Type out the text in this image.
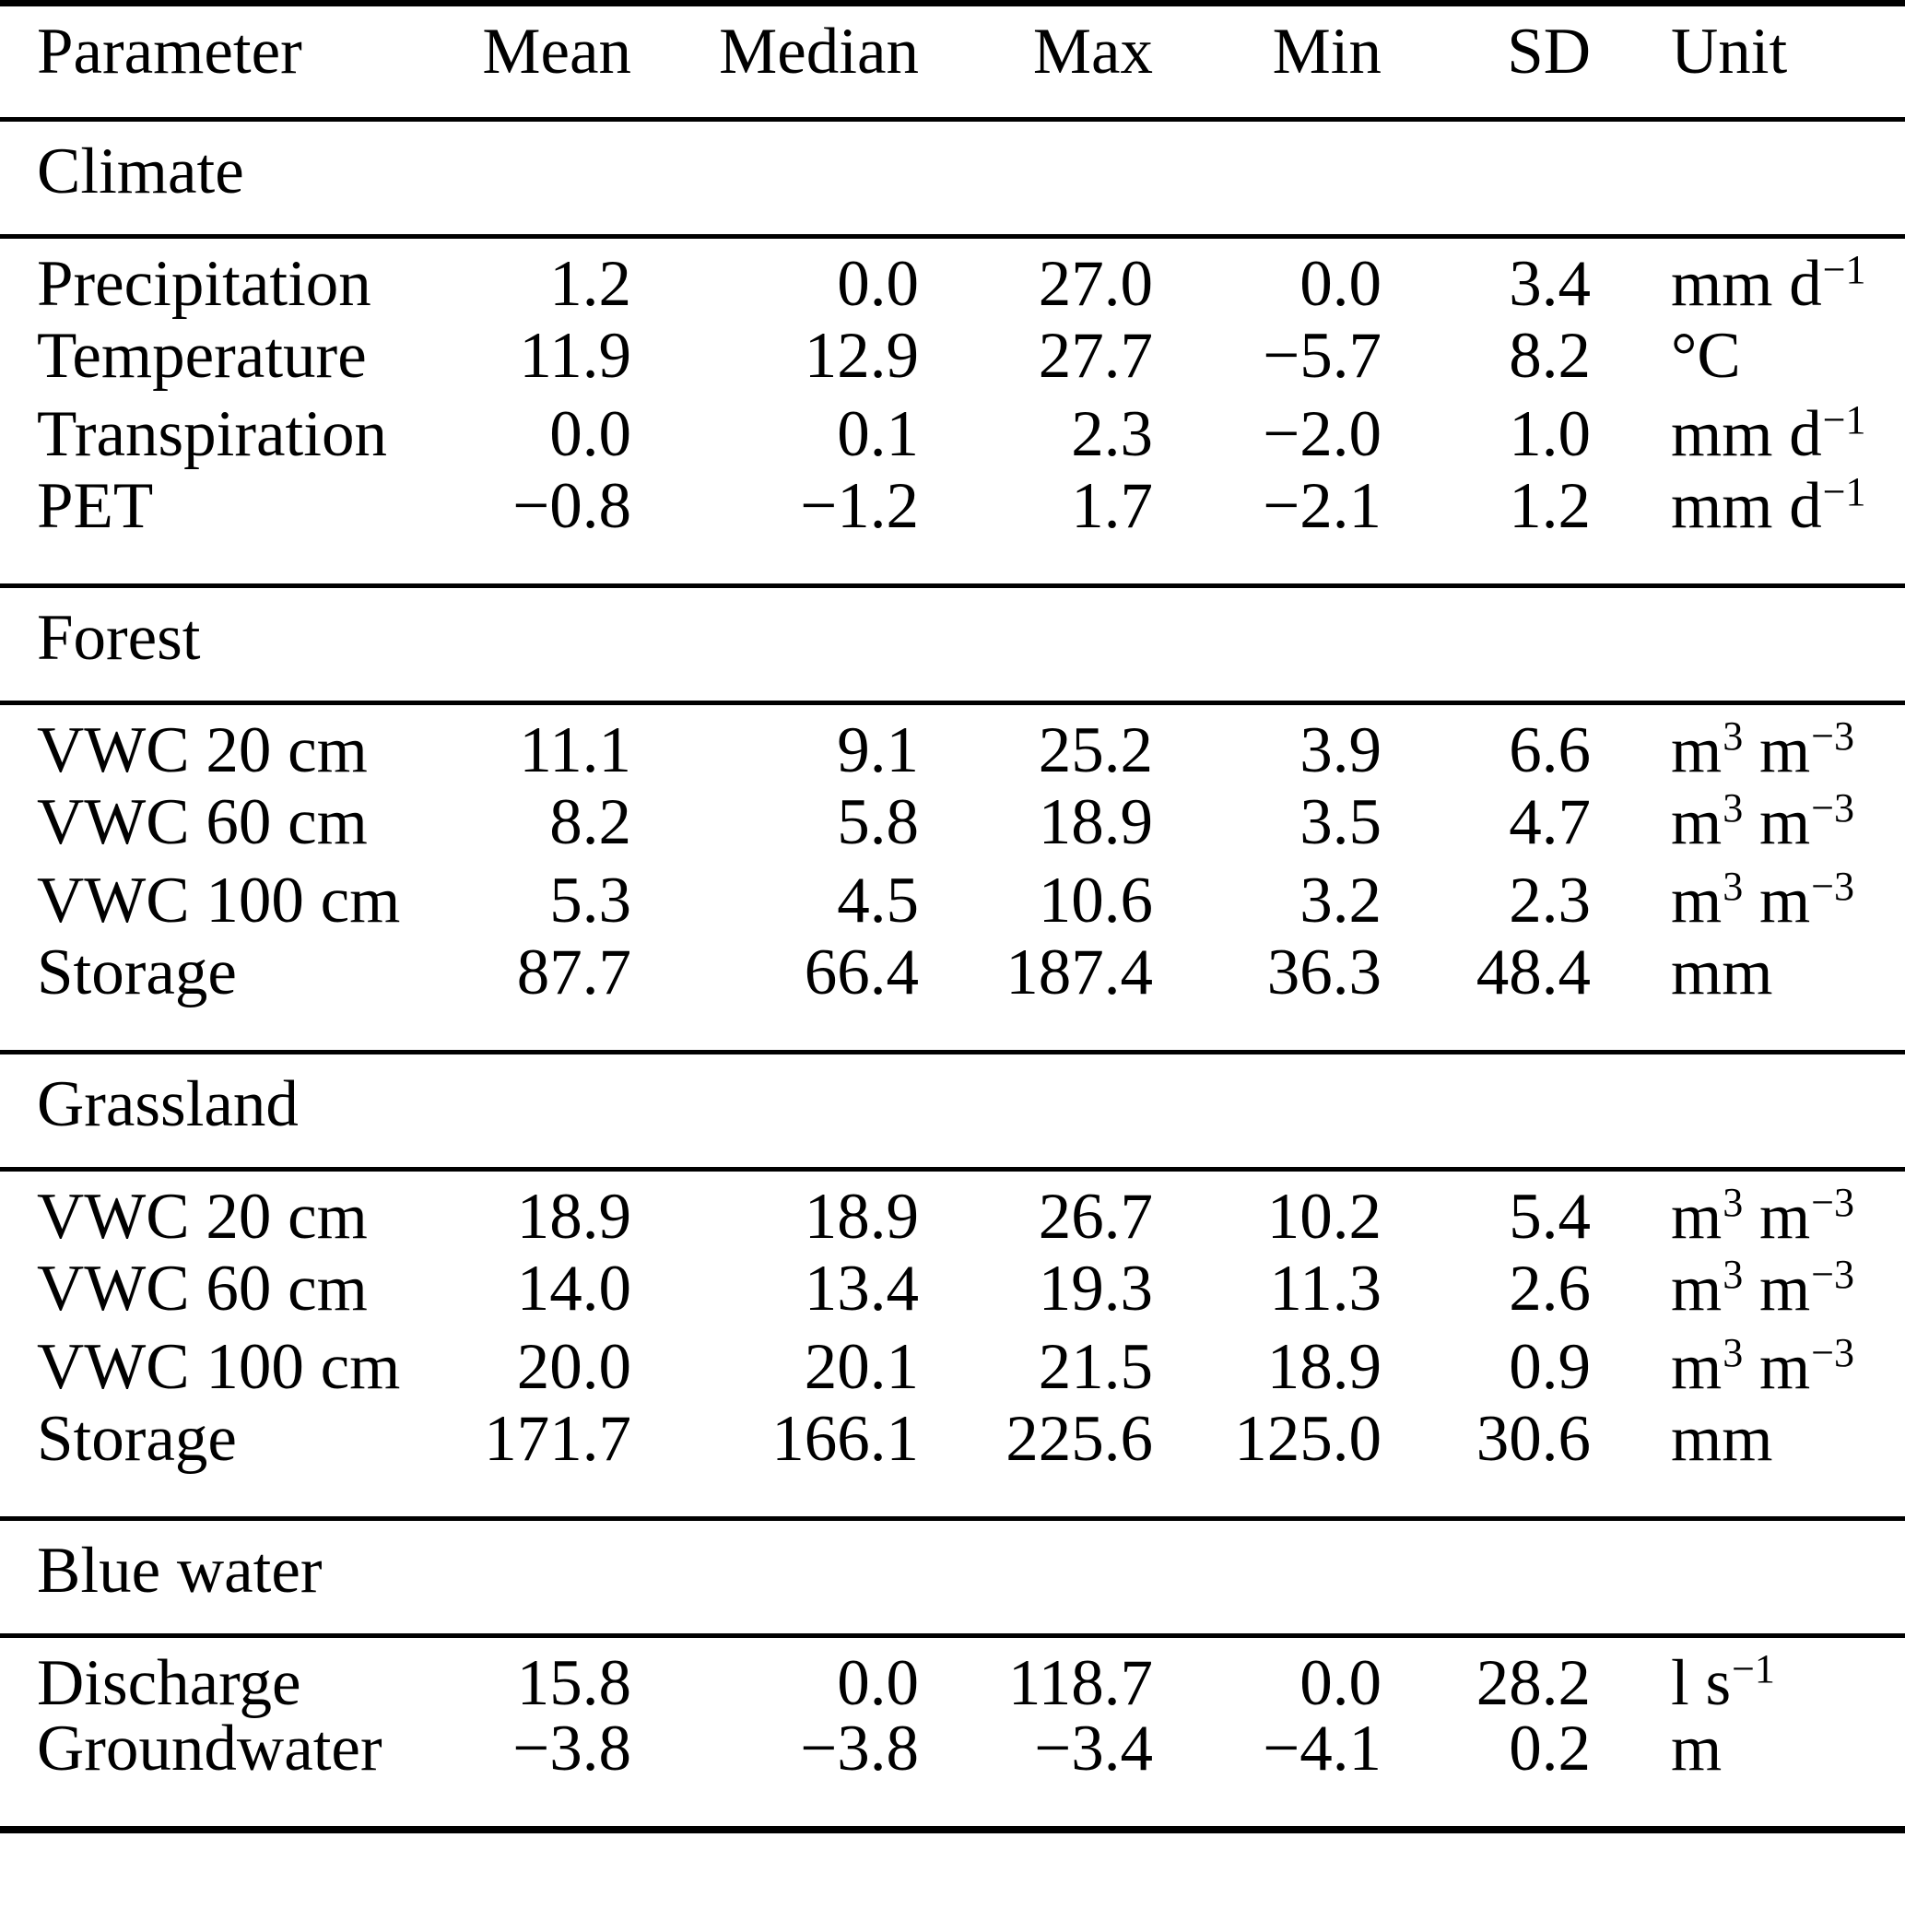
Parameter	Mean	Median	Max	Min	SD	Unit
Climate						
Precipitation	1.2	0.0	27.0	0.0	3.4	mm d−1
Temperature	11.9	12.9	27.7	−5.7	8.2	°C
Transpiration	0.0	0.1	2.3	−2.0	1.0	mm d−1
PET	−0.8	−1.2	1.7	−2.1	1.2	mm d−1
Forest						
VWC 20 cm	11.1	9.1	25.2	3.9	6.6	m3 m−3
VWC 60 cm	8.2	5.8	18.9	3.5	4.7	m3 m−3
VWC 100 cm	5.3	4.5	10.6	3.2	2.3	m3 m−3
Storage	87.7	66.4	187.4	36.3	48.4	mm
Grassland						
VWC 20 cm	18.9	18.9	26.7	10.2	5.4	m3 m−3
VWC 60 cm	14.0	13.4	19.3	11.3	2.6	m3 m−3
VWC 100 cm	20.0	20.1	21.5	18.9	0.9	m3 m−3
Storage	171.7	166.1	225.6	125.0	30.6	mm
Blue water						
Discharge	15.8	0.0	118.7	0.0	28.2	l s−1
Groundwater	−3.8	−3.8	−3.4	−4.1	0.2	m
